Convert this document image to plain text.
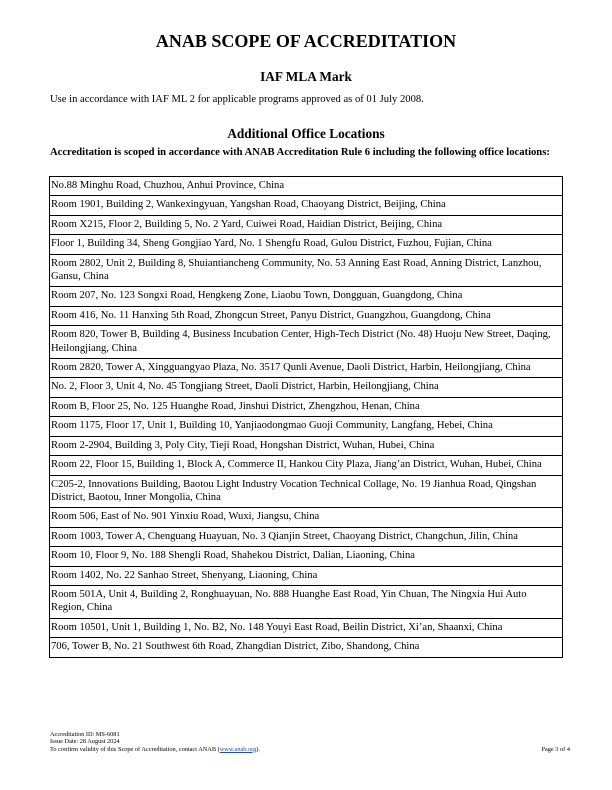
ANAB SCOPE OF ACCREDITATION
IAF MLA Mark
Use in accordance with IAF ML 2 for applicable programs approved as of 01 July 2008.
Additional Office Locations
Accreditation is scoped in accordance with ANAB Accreditation Rule 6 including the following office locations:
No.88 Minghu Road, Chuzhou, Anhui Province, China
Room 1901, Building 2, Wankexingyuan, Yangshan Road, Chaoyang District, Beijing, China
Room X215, Floor 2, Building 5, No. 2 Yard, Cuiwei Road, Haidian District, Beijing, China
Floor 1, Building 34, Sheng Gongjiao Yard, No. 1 Shengfu Road, Gulou District, Fuzhou, Fujian, China
Room 2802, Unit 2, Building 8, Shuiantiancheng Community, No. 53 Anning East Road, Anning District, Lanzhou, Gansu, China
Room 207, No. 123 Songxi Road, Hengkeng Zone, Liaobu Town, Dongguan, Guangdong, China
Room 416, No. 11 Hanxing 5th Road, Zhongcun Street, Panyu District, Guangzhou, Guangdong, China
Room 820, Tower B, Building 4, Business Incubation Center, High-Tech District (No. 48) Huoju New Street, Daqing, Heilongjiang, China
Room 2820, Tower A, Xingguangyao Plaza, No. 3517 Qunli Avenue, Daoli District, Harbin, Heilongjiang, China
No. 2, Floor 3, Unit 4, No. 45 Tongjiang Street, Daoli District, Harbin, Heilongjiang, China
Room B, Floor 25, No. 125 Huanghe Road, Jinshui District, Zhengzhou, Henan, China
Room 1175, Floor 17, Unit 1, Building 10, Yanjiaodongmao Guoji Community, Langfang, Hebei, China
Room 2-2904, Building 3, Poly City, Tieji Road, Hongshan District, Wuhan, Hubei, China
Room 22, Floor 15, Building 1, Block A, Commerce II, Hankou City Plaza, Jiang’an District, Wuhan, Hubei, China
C205-2, Innovations Building, Baotou Light Industry Vocation Technical Collage, No. 19 Jianhua Road, Qingshan District, Baotou, Inner Mongolia, China
Room 506, East of No. 901 Yinxiu Road, Wuxi, Jiangsu, China
Room 1003, Tower A, Chenguang Huayuan, No. 3 Qianjin Street, Chaoyang District, Changchun, Jilin, China
Room 10, Floor 9, No. 188 Shengli Road, Shahekou District, Dalian, Liaoning, China
Room 1402, No. 22 Sanhao Street, Shenyang, Liaoning, China
Room 501A, Unit 4, Building 2, Ronghuayuan, No. 888 Huanghe East Road, Yin Chuan, The Ningxia Hui Auto Region, China
Room 10501, Unit 1, Building 1, No. B2, No. 148 Youyi East Road, Beilin District, Xi’an, Shaanxi, China
706, Tower B, No. 21 Southwest 6th Road, Zhangdian District, Zibo, Shandong, China
Accreditation ID: MS-6081
Issue Date: 28 August 2024
To confirm validity of this Scope of Accreditation, contact ANAB (www.anab.org).	Page 3 of 4
